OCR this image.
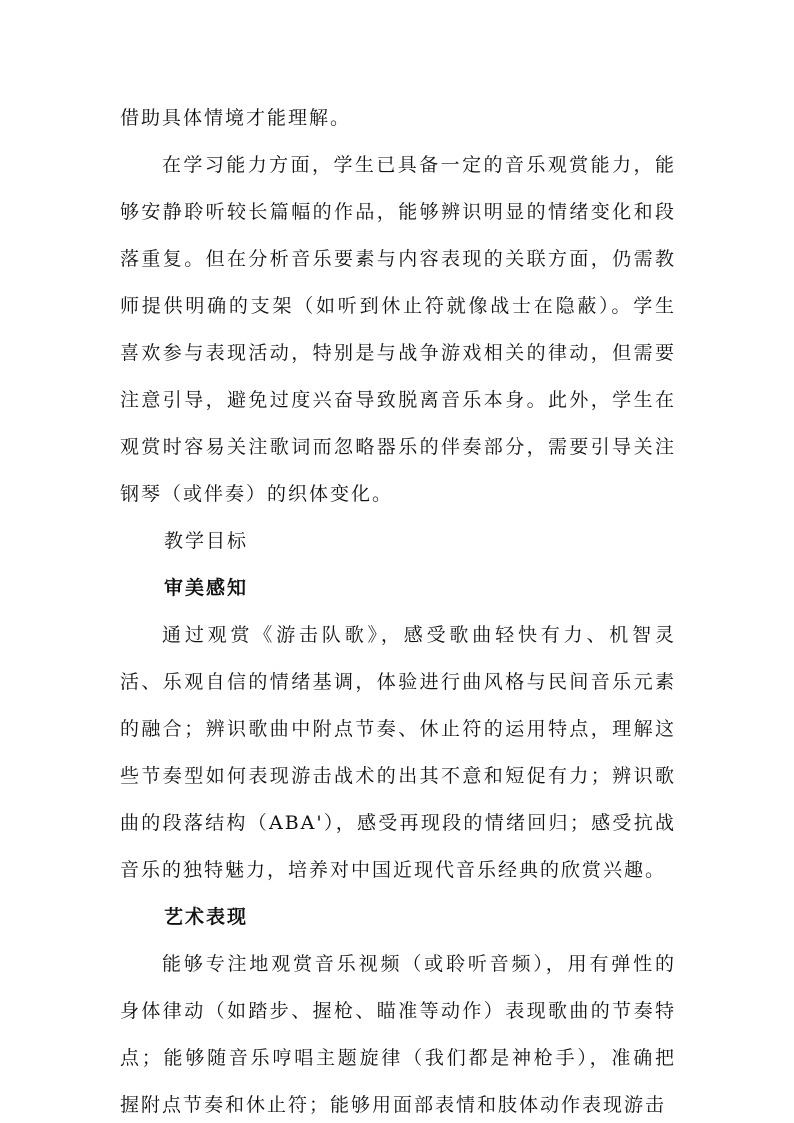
借助具体情境才能理解。

在学习能力方面，学生已具备一定的音乐观赏能力，能够安静聆听较长篇幅的作品，能够辨识明显的情绪变化和段落重复。但在分析音乐要素与内容表现的关联方面，仍需教师提供明确的支架（如听到休止符就像战士在隐蔽）。学生喜欢参与表现活动，特别是与战争游戏相关的律动，但需要注意引导，避免过度兴奋导致脱离音乐本身。此外，学生在观赏时容易关注歌词而忽略器乐的伴奏部分，需要引导关注钢琴（或伴奏）的织体变化。

教学目标

审美感知

通过观赏《游击队歌》，感受歌曲轻快有力、机智灵活、乐观自信的情绪基调，体验进行曲风格与民间音乐元素的融合；辨识歌曲中附点节奏、休止符的运用特点，理解这些节奏型如何表现游击战术的出其不意和短促有力；辨识歌曲的段落结构（ABA'），感受再现段的情绪回归；感受抗战音乐的独特魅力，培养对中国近现代音乐经典的欣赏兴趣。

艺术表现

能够专注地观赏音乐视频（或聆听音频），用有弹性的身体律动（如踏步、握枪、瞄准等动作）表现歌曲的节奏特点；能够随音乐哼唱主题旋律（我们都是神枪手），准确把握附点节奏和休止符；能够用面部表情和肢体动作表现游击
